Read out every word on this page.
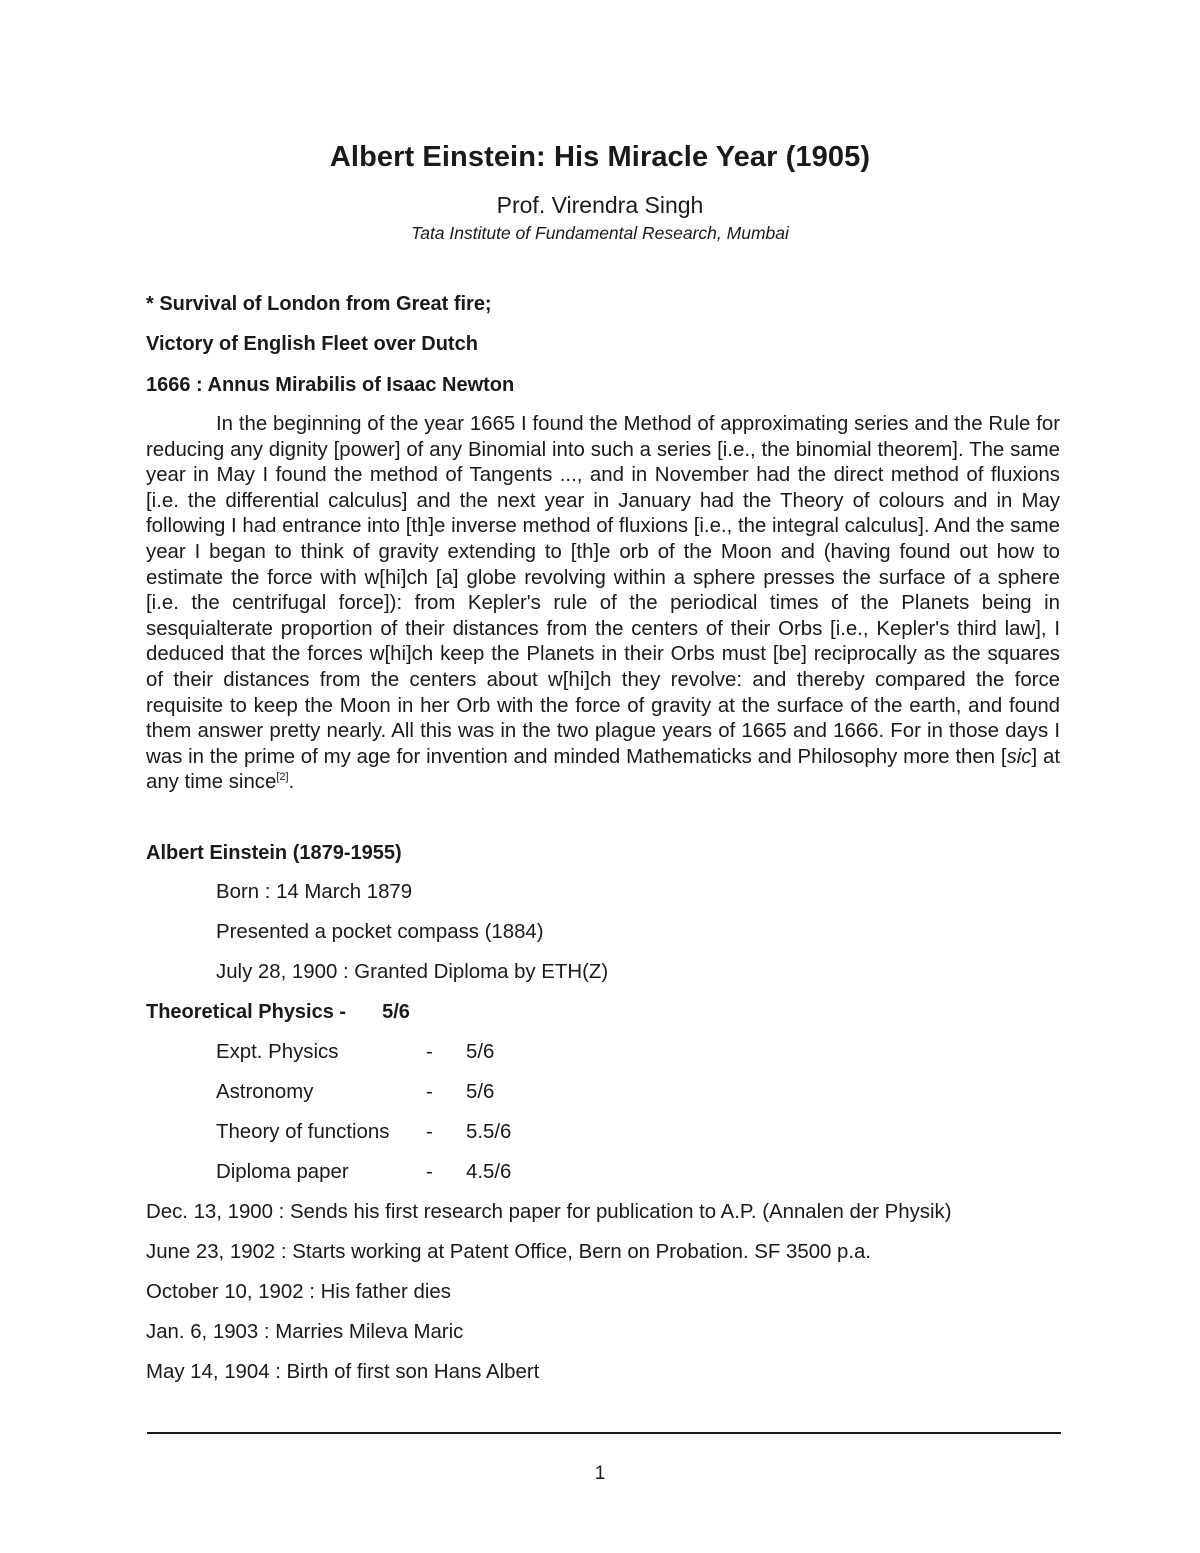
Albert Einstein: His Miracle Year (1905)
Prof. Virendra Singh
Tata Institute of Fundamental Research, Mumbai
* Survival of London from Great fire;
Victory of English Fleet over Dutch
1666 : Annus Mirabilis of Isaac Newton

In the beginning of the year 1665 I found the Method of approximating series and the Rule for reducing any dignity [power] of any Binomial into such a series [i.e., the binomial theorem]. The same year in May I found the method of Tangents ..., and in November had the direct method of fluxions [i.e. the differential calculus] and the next year in January had the Theory of colours and in May following I had entrance into [th]e inverse method of fluxions [i.e., the integral calculus]. And the same year I began to think of gravity extending to [th]e orb of the Moon and (having found out how to estimate the force with w[hi]ch [a] globe revolving within a sphere presses the surface of a sphere [i.e. the centrifugal force]): from Kepler's rule of the periodical times of the Planets being in sesquialterate proportion of their distances from the centers of their Orbs [i.e., Kepler's third law], I deduced that the forces w[hi]ch keep the Planets in their Orbs must [be] reciprocally as the squares of their distances from the centers about w[hi]ch they revolve: and thereby compared the force requisite to keep the Moon in her Orb with the force of gravity at the surface of the earth, and found them answer pretty nearly. All this was in the two plague years of 1665 and 1666. For in those days I was in the prime of my age for invention and minded Mathematicks and Philosophy more then [sic] at any time since[2].

Albert Einstein (1879-1955)
Born : 14 March 1879
Presented a pocket compass (1884)
July 28, 1900 : Granted Diploma by ETH(Z)
Theoretical Physics - 5/6
Expt. Physics	- 5/6
Astronomy	- 5/6
Theory of functions - 5.5/6
Diploma paper	- 4.5/6
Dec. 13, 1900 : Sends his first research paper for publication to A.P. (Annalen der Physik)
June 23, 1902 : Starts working at Patent Office, Bern on Probation. SF 3500 p.a.
October 10, 1902 : His father dies
Jan. 6, 1903 : Marries Mileva Maric
May 14, 1904 : Birth of first son Hans Albert
1
